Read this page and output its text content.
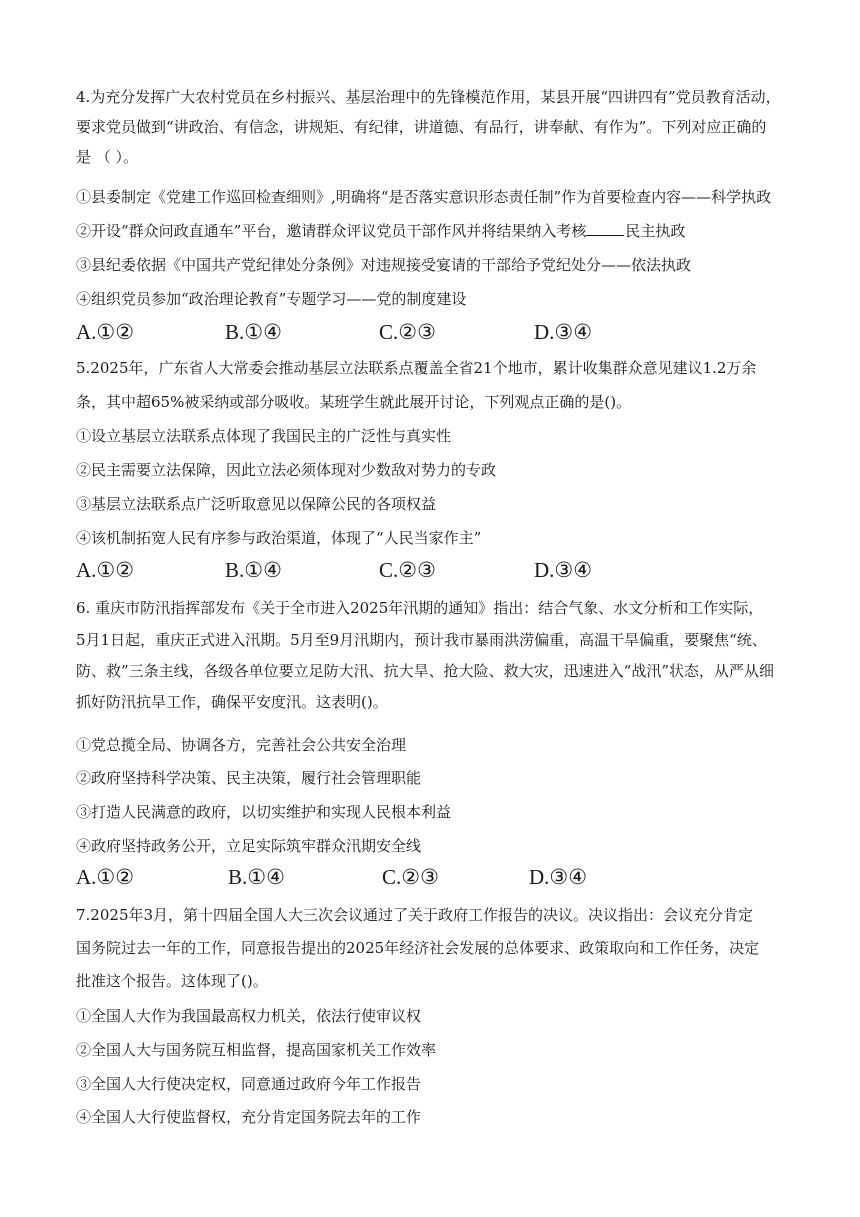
4.为充分发挥广大农村党员在乡村振兴、基层治理中的先锋模范作用，某县开展“四讲四有”党员教育活动，
要求党员做到“讲政治、有信念，讲规矩、有纪律，讲道德、有品行，讲奉献、有作为”。下列对应正确的
是 （ ）。
①县委制定《党建工作巡回检查细则》,明确将“是否落实意识形态责任制”作为首要检查内容——科学执政
②开设“群众问政直通车”平台，邀请群众评议党员干部作风并将结果纳入考核	民主执政
③县纪委依据《中国共产党纪律处分条例》对违规接受宴请的干部给予党纪处分——依法执政
④组织党员参加“政治理论教育”专题学习——党的制度建设
A.①②	B.①④	C.②③	D.③④
5.2025年，广东省人大常委会推动基层立法联系点覆盖全省21个地市，累计收集群众意见建议1.2万余
条，其中超65%被采纳或部分吸收。某班学生就此展开讨论，下列观点正确的是()。
①设立基层立法联系点体现了我国民主的广泛性与真实性
②民主需要立法保障，因此立法必须体现对少数敌对势力的专政
③基层立法联系点广泛听取意见以保障公民的各项权益
④该机制拓宽人民有序参与政治渠道，体现了“人民当家作主”
A.①②	B.①④	C.②③	D.③④
6. 重庆市防汛指挥部发布《关于全市进入2025年汛期的通知》指出：结合气象、水文分析和工作实际，
5月1日起，重庆正式进入汛期。5月至9月汛期内，预计我市暴雨洪涝偏重，高温干旱偏重，要聚焦“统、
防、救”三条主线，各级各单位要立足防大汛、抗大旱、抢大险、救大灾，迅速进入“战汛”状态，从严从细
抓好防汛抗旱工作，确保平安度汛。这表明()。
①党总揽全局、协调各方，完善社会公共安全治理
②政府坚持科学决策、民主决策，履行社会管理职能
③打造人民满意的政府，以切实维护和实现人民根本利益
④政府坚持政务公开，立足实际筑牢群众汛期安全线
A.①②	B.①④	C.②③	D.③④
7.2025年3月，第十四届全国人大三次会议通过了关于政府工作报告的决议。决议指出：会议充分肯定
国务院过去一年的工作，同意报告提出的2025年经济社会发展的总体要求、政策取向和工作任务，决定
批准这个报告。这体现了()。
①全国人大作为我国最高权力机关，依法行使审议权
②全国人大与国务院互相监督，提高国家机关工作效率
③全国人大行使决定权，同意通过政府今年工作报告
④全国人大行使监督权，充分肯定国务院去年的工作
